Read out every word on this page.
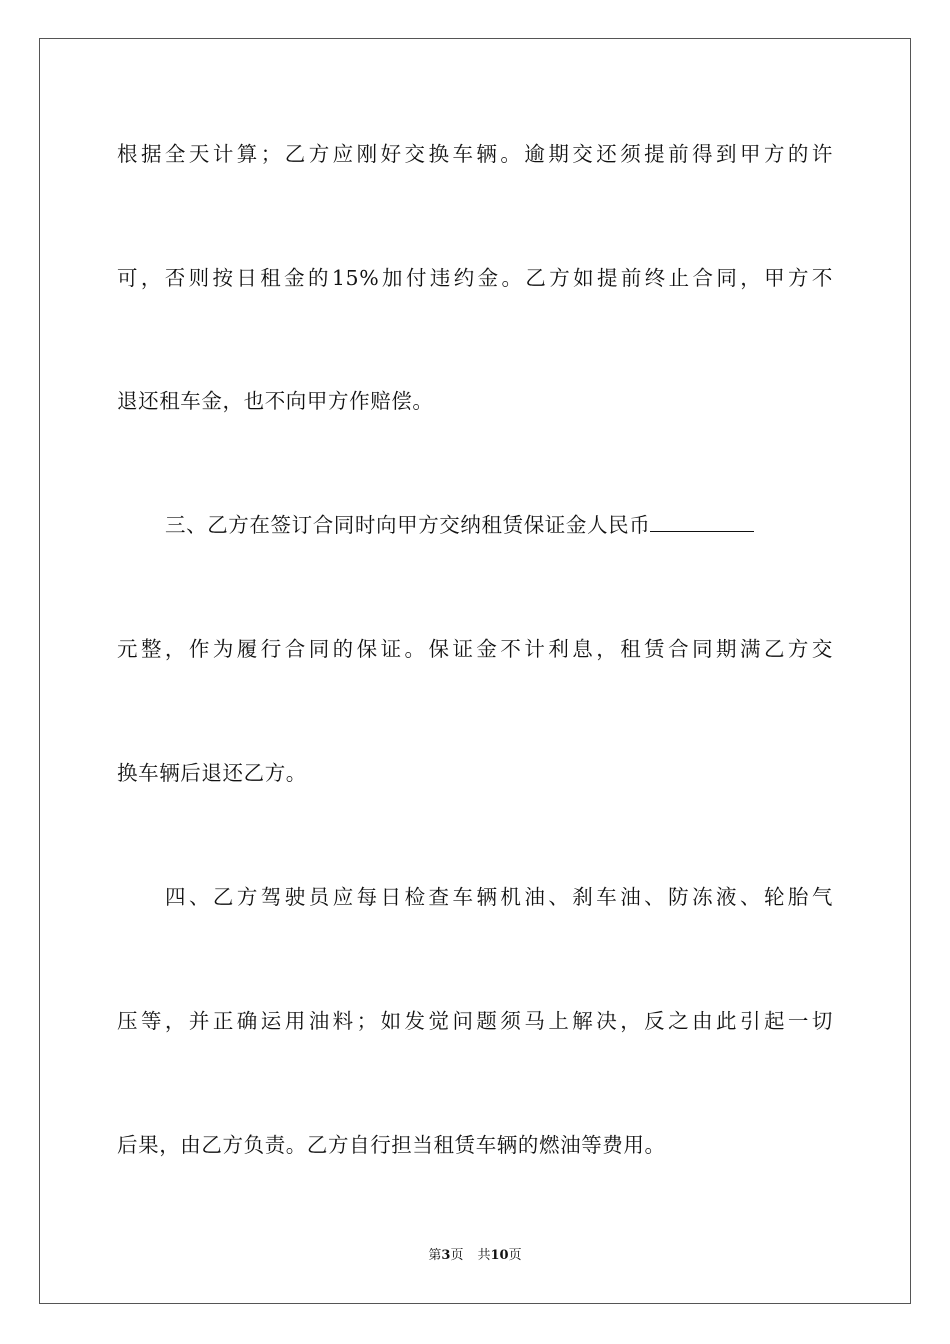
根据全天计算；乙方应刚好交换车辆。逾期交还须提前得到甲方的许
可，否则按日租金的15%加付违约金。乙方如提前终止合同，甲方不
退还租车金，也不向甲方作赔偿。
三、乙方在签订合同时向甲方交纳租赁保证金人民币
元整，作为履行合同的保证。保证金不计利息，租赁合同期满乙方交
换车辆后退还乙方。
四、乙方驾驶员应每日检查车辆机油、刹车油、防冻液、轮胎气
压等，并正确运用油料；如发觉问题须马上解决，反之由此引起一切
后果，由乙方负责。乙方自行担当租赁车辆的燃油等费用。
第3页 共10页
